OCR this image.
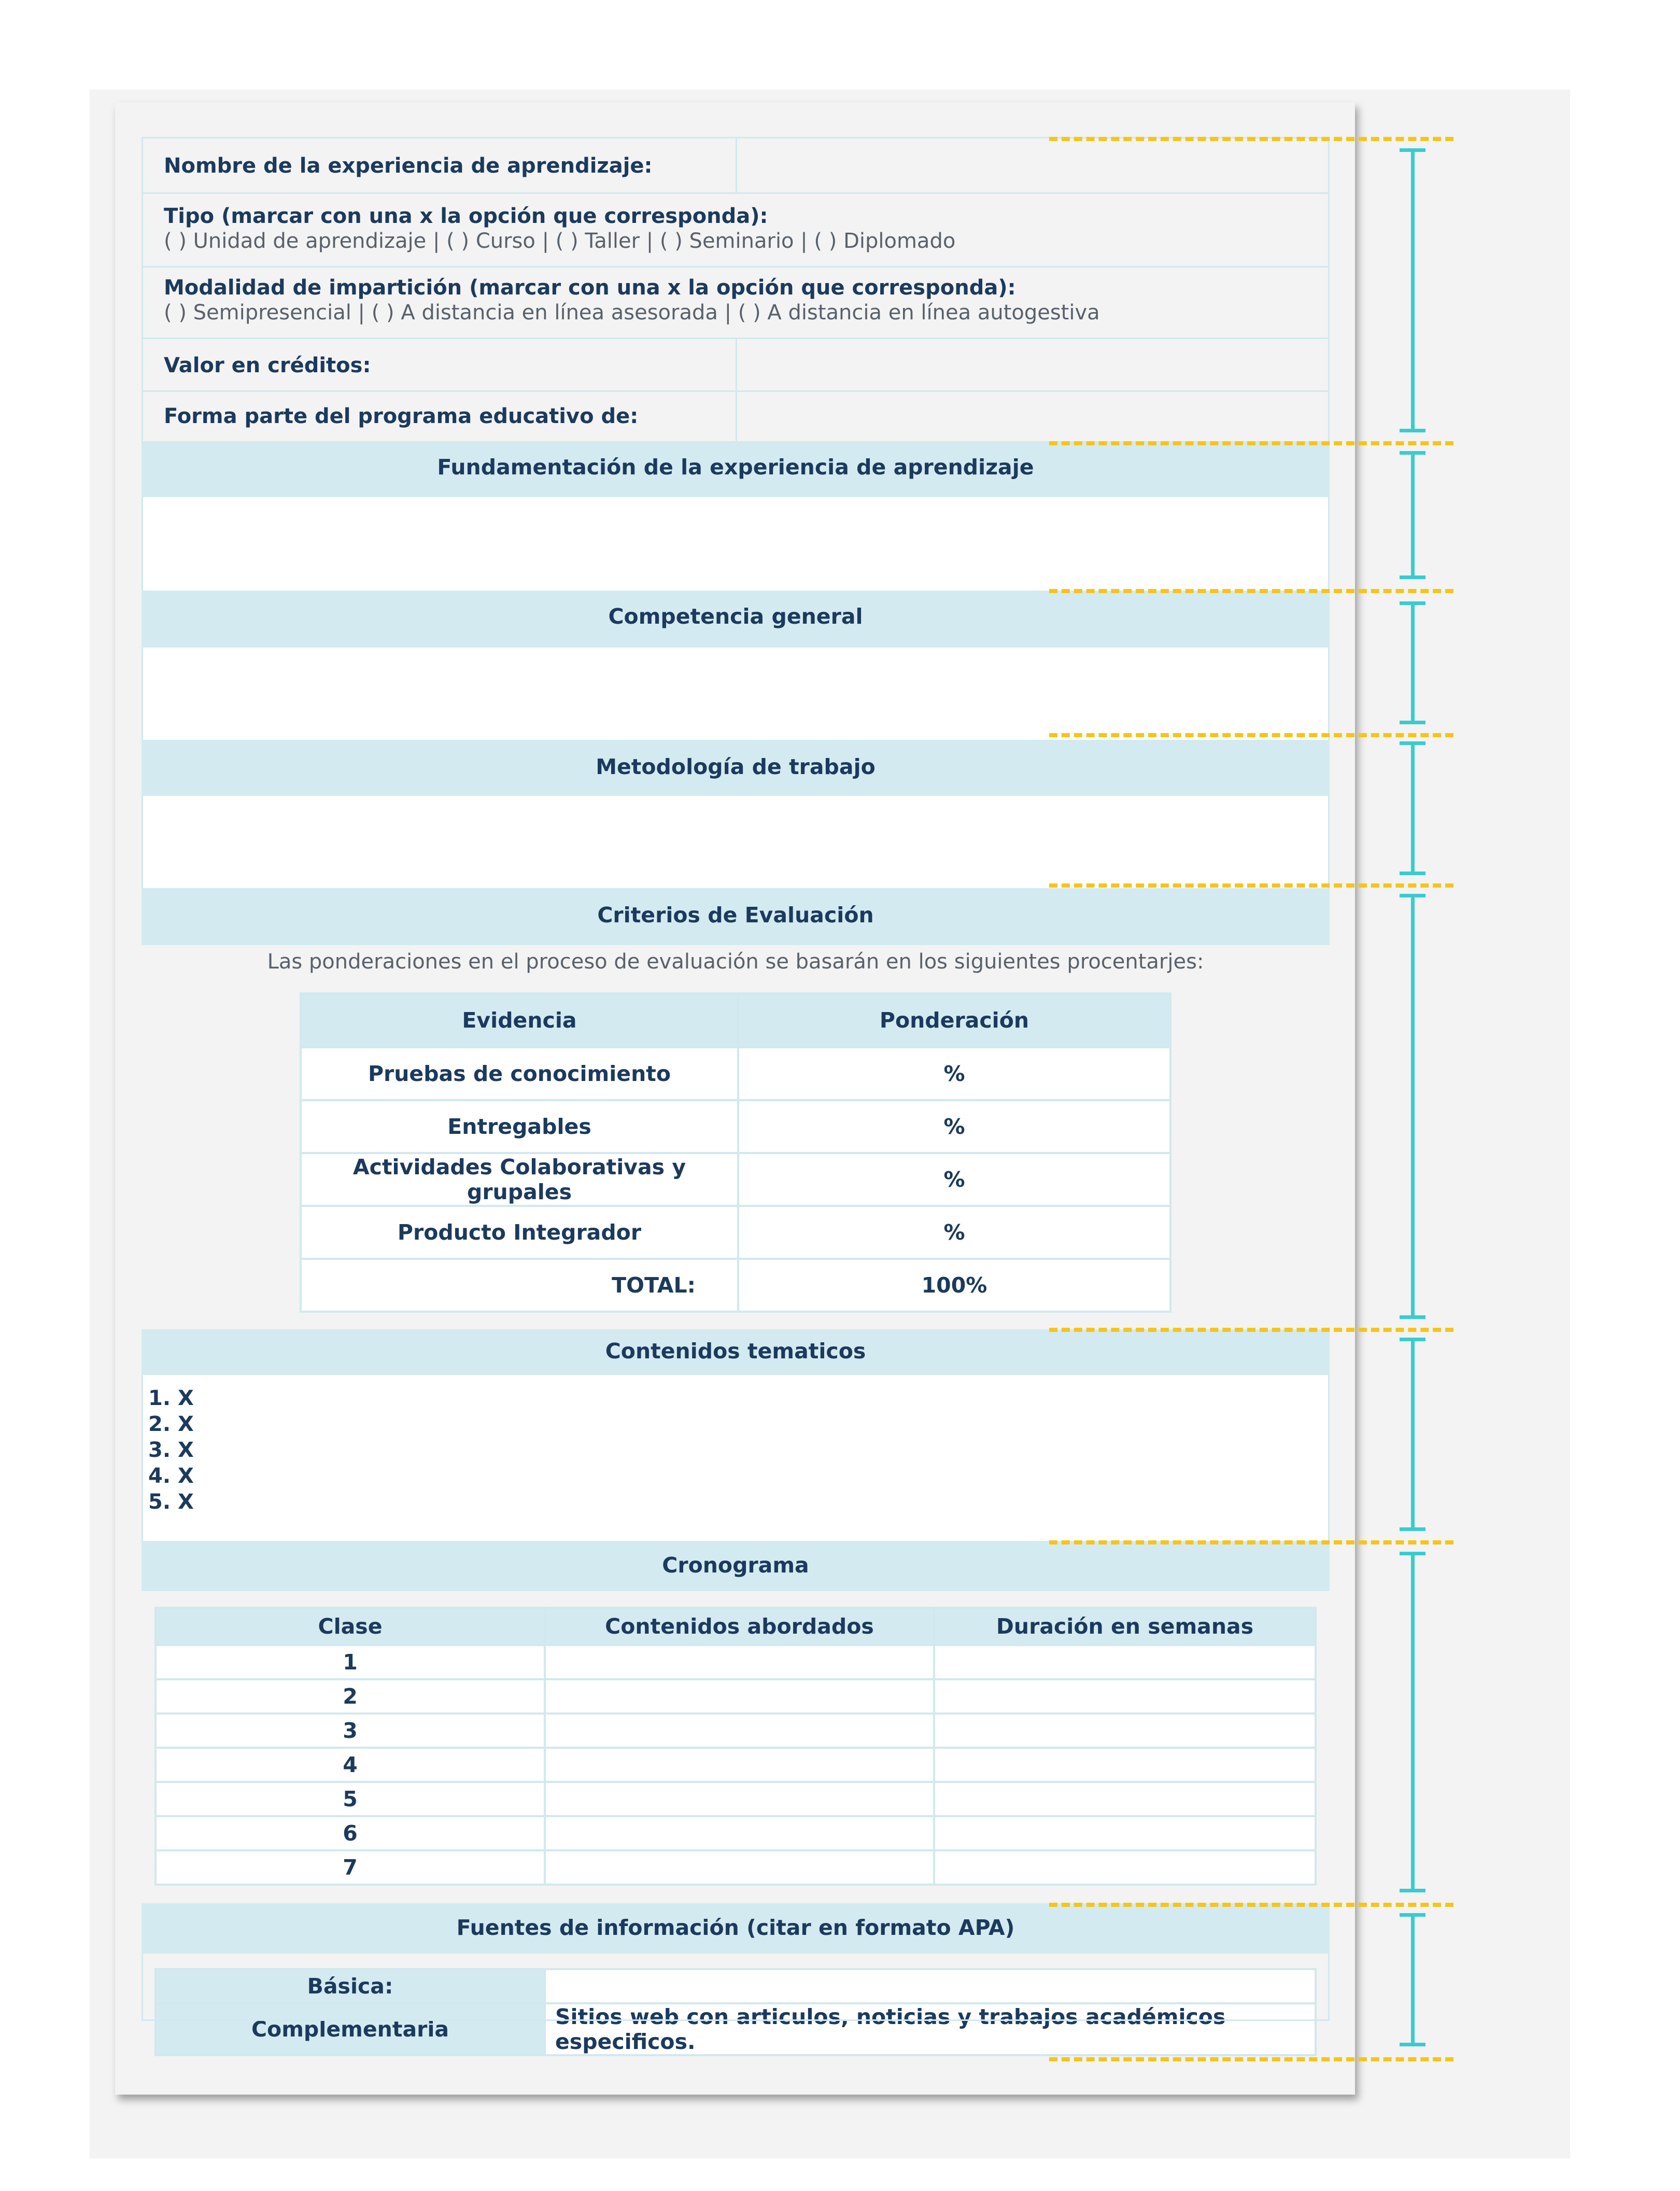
Nombre de la experiencia de aprendizaje:
Tipo (marcar con una x la opción que corresponda):
( ) Unidad de aprendizaje | ( ) Curso | ( ) Taller | ( ) Seminario | ( ) Diplomado
Modalidad de impartición (marcar con una x la opción que corresponda):
( ) Semipresencial | ( ) A distancia en línea asesorada | ( ) A distancia en línea autogestiva
Valor en créditos:
Forma parte del programa educativo de:
Fundamentación de la experiencia de aprendizaje
Competencia general
Metodología de trabajo
Criterios de Evaluación
Las ponderaciones en el proceso de evaluación se basarán en los siguientes procentarjes:
Evidencia	Ponderación
Pruebas de conocimiento	%
Entregables	%
Actividades Colaborativas y grupales	%
Producto Integrador	%
TOTAL:	100%
Contenidos tematicos
1. X
2. X
3. X
4. X
5. X
Cronograma
Clase	Contenidos abordados	Duración en semanas
1		
2		
3		
4		
5		
6		
7		
Fuentes de información (citar en formato APA)
Básica:	
Complementaria	Sitios web con articulos, noticias y trabajos académicos especificos.
